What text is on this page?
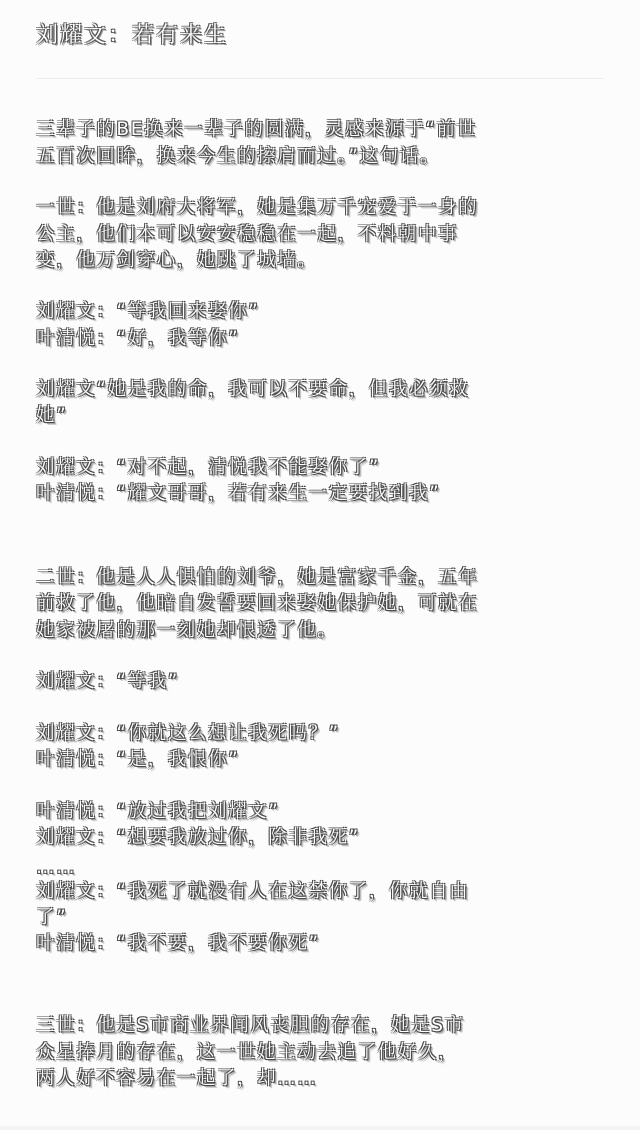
刘耀文：若有来生
三辈子的BE换来一辈子的圆满，灵感来源于“前世
五百次回眸，换来今生的擦肩而过。”这句话。
一世：他是刘府大将军，她是集万千宠爱于一身的
公主，他们本可以安安稳稳在一起，不料朝中事
变，他万剑穿心，她跳了城墙。
刘耀文：“等我回来娶你”
叶清悦：“好，我等你”
刘耀文“她是我的命，我可以不要命，但我必须救
她”
刘耀文：“对不起，清悦我不能娶你了”
叶清悦：“耀文哥哥，若有来生一定要找到我”
二世：他是人人惧怕的刘爷，她是富家千金，五年
前救了他，他暗自发誓要回来娶她保护她，可就在
她家被屠的那一刻她却恨透了他。
刘耀文：“等我”
刘耀文：“你就这么想让我死吗？”
叶清悦：“是，我恨你”
叶清悦：“放过我把刘耀文”
刘耀文：“想要我放过你，除非我死”
……
刘耀文：“我死了就没有人在这禁你了，你就自由
了”
叶清悦：“我不要，我不要你死”
三世：他是S市商业界闻风丧胆的存在，她是S市
众星捧月的存在，这一世她主动去追了他好久，
两人好不容易在一起了，却……
